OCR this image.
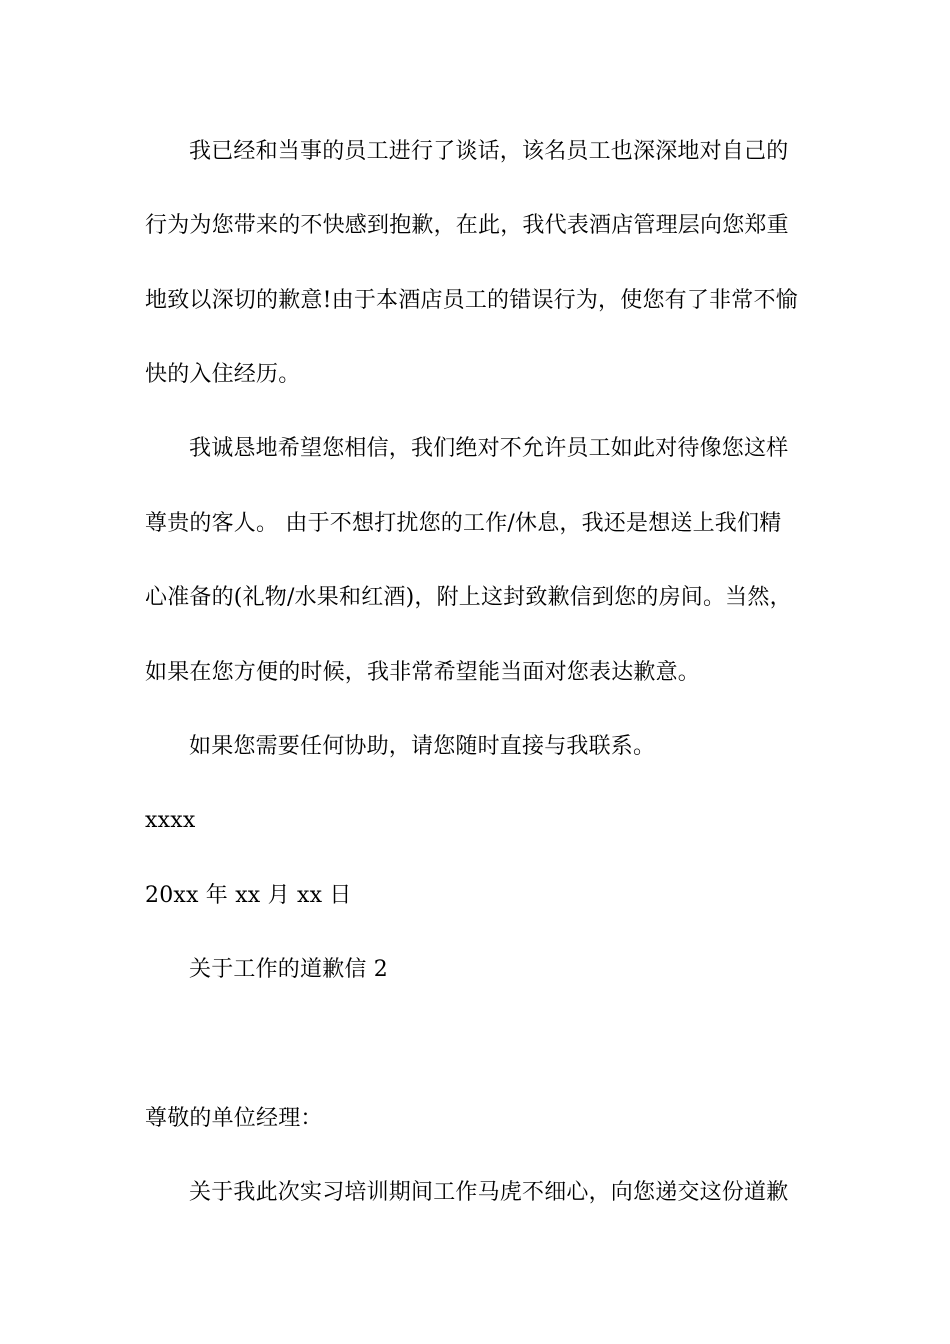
我已经和当事的员工进行了谈话，该名员工也深深地对自己的
行为为您带来的不快感到抱歉，在此，我代表酒店管理层向您郑重
地致以深切的歉意!由于本酒店员工的错误行为，使您有了非常不愉
快的入住经历。
我诚恳地希望您相信，我们绝对不允许员工如此对待像您这样
尊贵的客人。 由于不想打扰您的工作/休息，我还是想送上我们精
心准备的(礼物/水果和红酒)，附上这封致歉信到您的房间。当然，
如果在您方便的时候，我非常希望能当面对您表达歉意。
如果您需要任何协助，请您随时直接与我联系。
xxxx
20xx 年 xx 月 xx 日
关于工作的道歉信 2
尊敬的单位经理：
关于我此次实习培训期间工作马虎不细心，向您递交这份道歉
